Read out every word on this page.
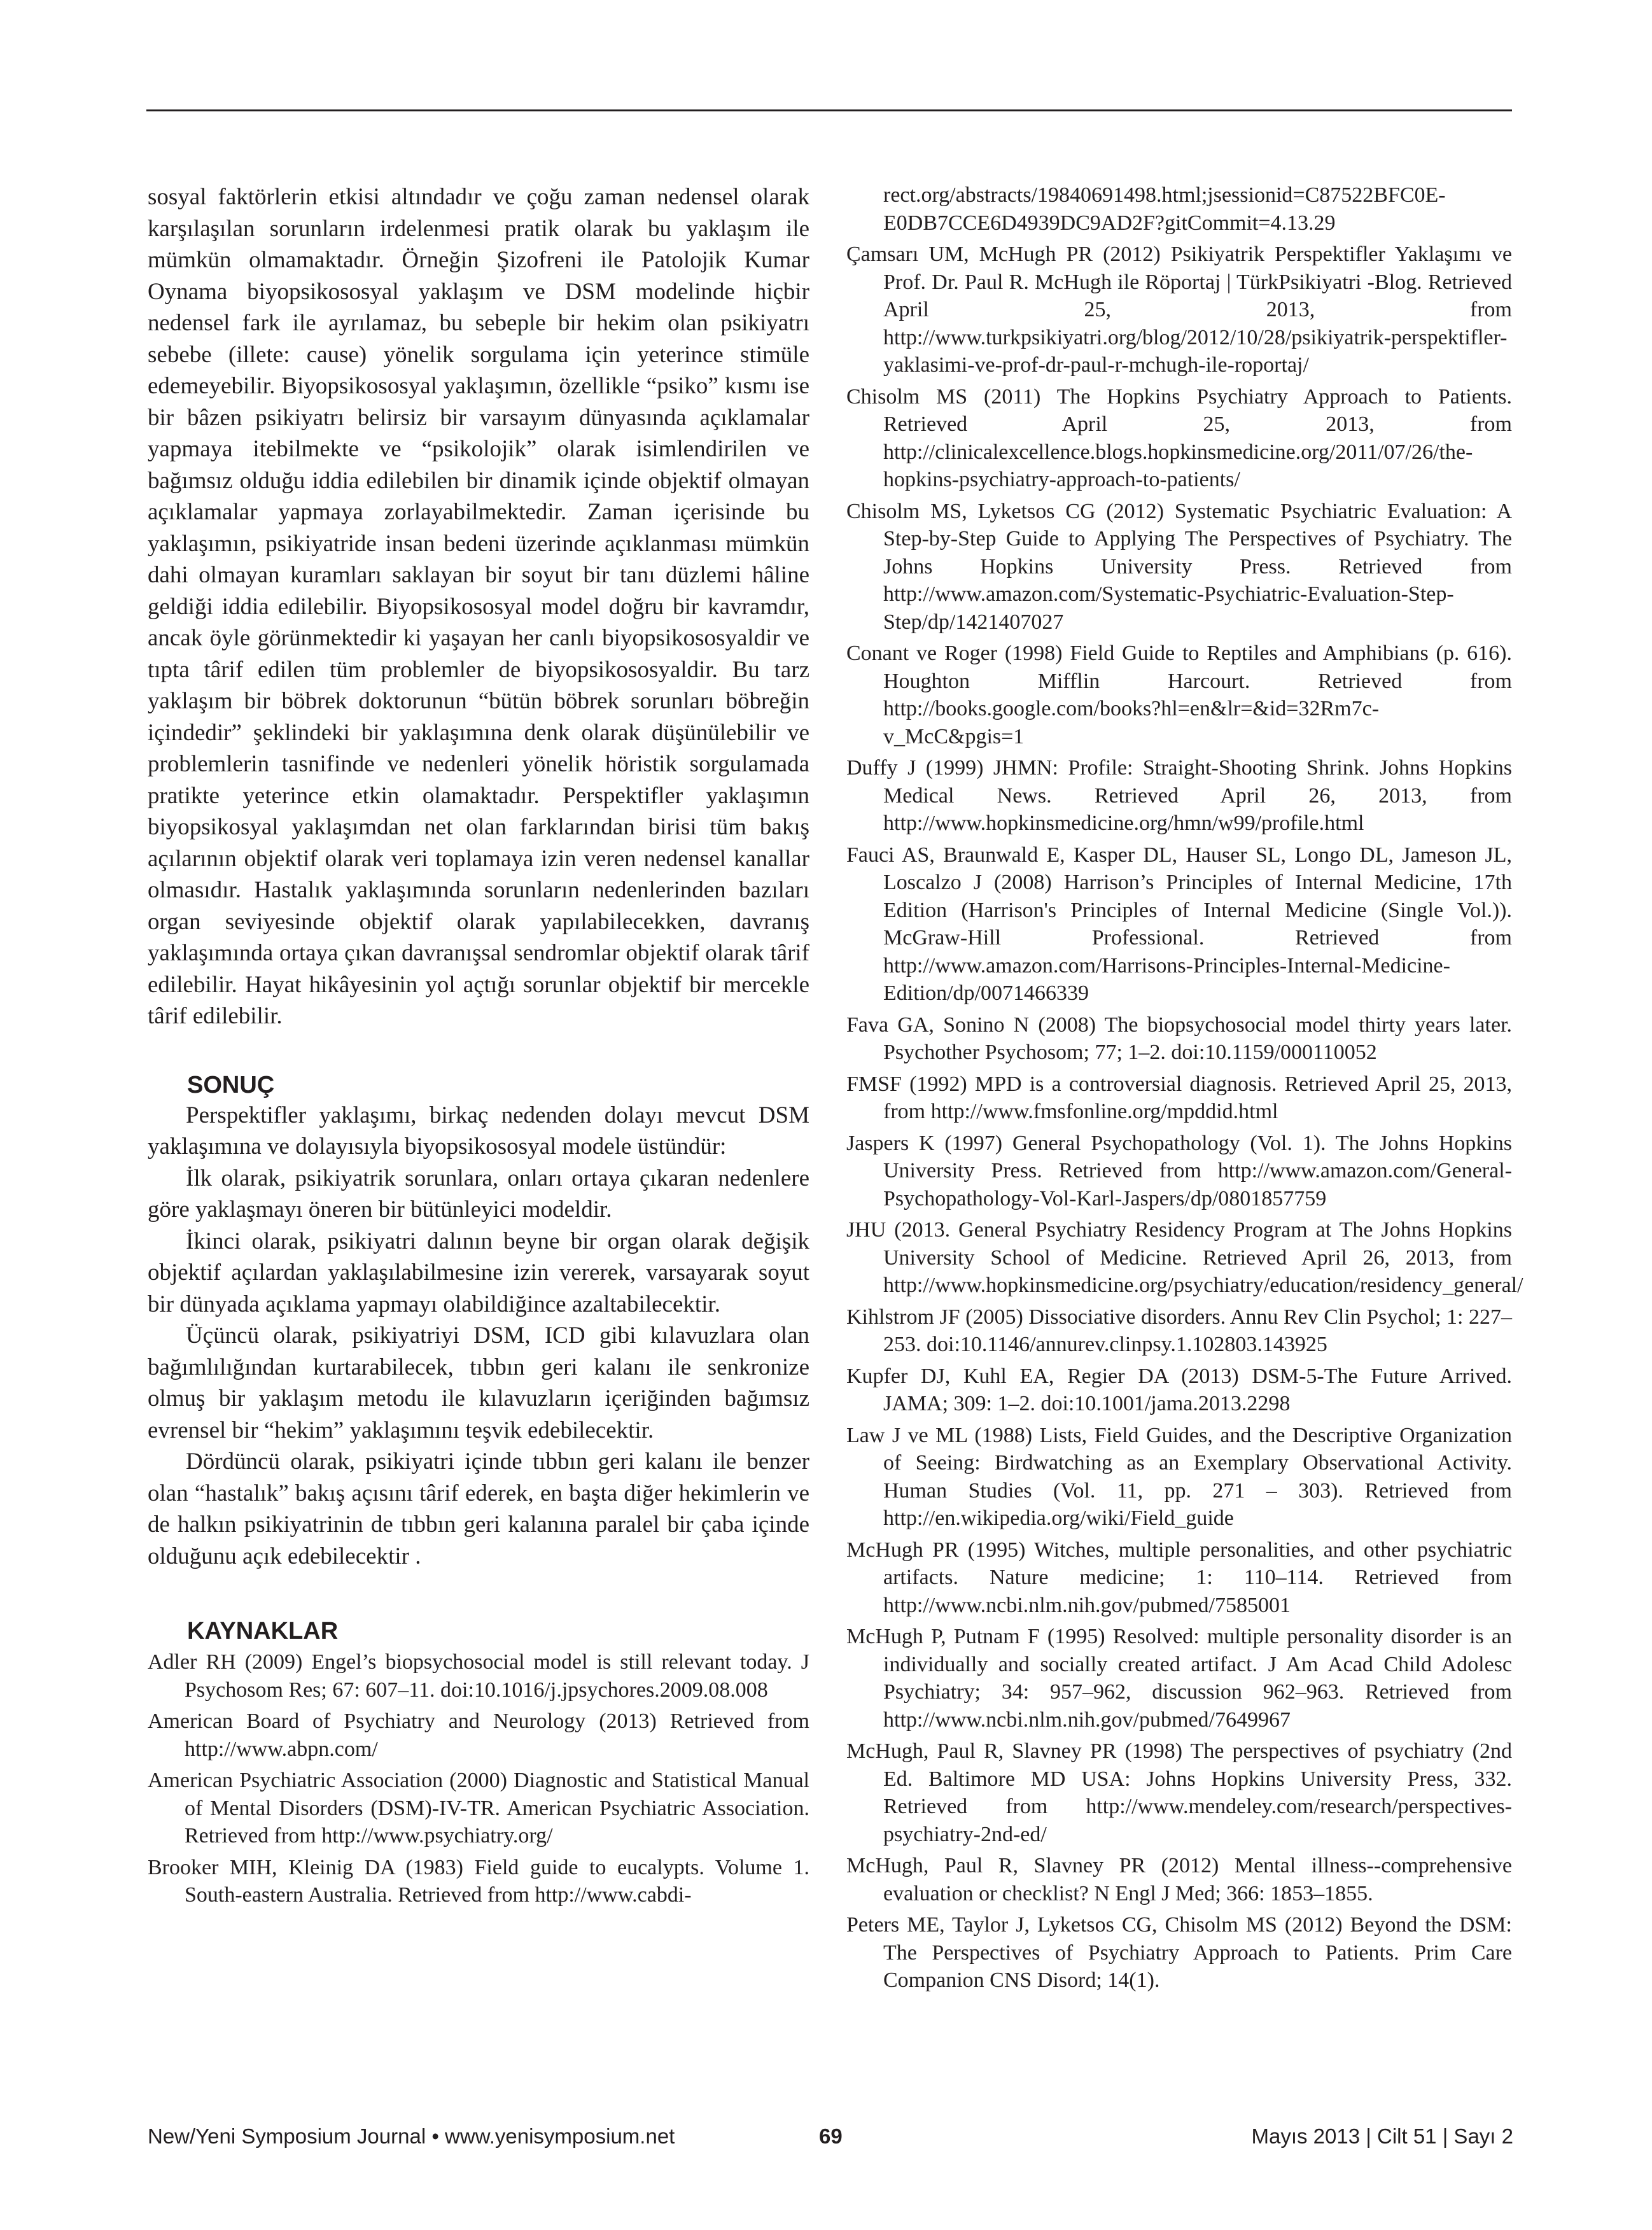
sosyal faktörlerin etkisi altındadır ve çoğu zaman nedensel olarak karşılaşılan sorunların irdelenmesi pratik olarak bu yaklaşım ile mümkün olmamaktadır. Örneğin Şizofreni ile Patolojik Kumar Oynama biyopsikososyal yaklaşım ve DSM modelinde hiçbir nedensel fark ile ayrılamaz, bu sebeple bir hekim olan psikiyatrı sebebe (illete: cause) yönelik sorgulama için yeterince stimüle edemeyebilir. Biyopsikososyal yaklaşımın, özellikle “psiko” kısmı ise bir bâzen psikiyatrı belirsiz bir varsayım dünyasında açıklamalar yapmaya itebilmekte ve “psikolojik” olarak isimlendirilen ve bağımsız olduğu iddia edilebilen bir dinamik içinde objektif olmayan açıklamalar yapmaya zorlayabilmektedir. Zaman içerisinde bu yaklaşımın, psikiyatride insan bedeni üzerinde açıklanması mümkün dahi olmayan kuramları saklayan bir soyut bir tanı düzlemi hâline geldiği iddia edilebilir. Biyopsikososyal model doğru bir kavramdır, ancak öyle görünmektedir ki yaşayan her canlı biyopsikososyaldir ve tıpta târif edilen tüm problemler de biyopsikososyaldir. Bu tarz yaklaşım bir böbrek doktorunun “bütün böbrek sorunları böbreğin içindedir” şeklindeki bir yaklaşımına denk olarak düşünülebilir ve problemlerin tasnifinde ve nedenleri yönelik höristik sorgulamada pratikte yeterince etkin olamaktadır. Perspektifler yaklaşımın biyopsikosyal yaklaşımdan net olan farklarından birisi tüm bakış açılarının objektif olarak veri toplamaya izin veren nedensel kanallar olmasıdır. Hastalık yaklaşımında sorunların nedenlerinden bazıları organ seviyesinde objektif olarak yapılabilecekken, davranış yaklaşımında ortaya çıkan davranışsal sendromlar objektif olarak târif edilebilir. Hayat hikâyesinin yol açtığı sorunlar objektif bir mercekle târif edilebilir.

SONUÇ

Perspektifler yaklaşımı, birkaç nedenden dolayı mevcut DSM yaklaşımına ve dolayısıyla biyopsikososyal modele üstündür:

İlk olarak, psikiyatrik sorunlara, onları ortaya çıkaran nedenlere göre yaklaşmayı öneren bir bütünleyici modeldir.

İkinci olarak, psikiyatri dalının beyne bir organ olarak değişik objektif açılardan yaklaşılabilmesine izin vererek, varsayarak soyut bir dünyada açıklama yapmayı olabildiğince azaltabilecektir.

Üçüncü olarak, psikiyatriyi DSM, ICD gibi kılavuzlara olan bağımlılığından kurtarabilecek, tıbbın geri kalanı ile senkronize olmuş bir yaklaşım metodu ile kılavuzların içeriğinden bağımsız evrensel bir “hekim” yaklaşımını teşvik edebilecektir.

Dördüncü olarak, psikiyatri içinde tıbbın geri kalanı ile benzer olan “hastalık” bakış açısını târif ederek, en başta diğer hekimlerin ve de halkın psikiyatrinin de tıbbın geri kalanına paralel bir çaba içinde olduğunu açık edebilecektir .

KAYNAKLAR

Adler RH (2009) Engel’s biopsychosocial model is still relevant today. J Psychosom Res; 67: 607–11. doi:10.1016/j.jpsychores.2009.08.008

American Board of Psychiatry and Neurology (2013) Retrieved from http://www.abpn.com/

American Psychiatric Association (2000) Diagnostic and Statistical Manual of Mental Disorders (DSM)-IV-TR. American Psychiatric Association. Retrieved from http://www.psychiatry.org/

Brooker MIH, Kleinig DA (1983) Field guide to eucalypts. Volume 1. South-eastern Australia. Retrieved from http://www.cabdi-

rect.org/abstracts/19840691498.html;jsessionid=C87522BFC0E-E0DB7CCE6D4939DC9AD2F?gitCommit=4.13.29

Çamsarı UM, McHugh PR (2012) Psikiyatrik Perspektifler Yaklaşımı ve Prof. Dr. Paul R. McHugh ile Röportaj | TürkPsikiyatri -Blog. Retrieved April 25, 2013, from http://www.turkpsikiyatri.org/blog/2012/10/28/psikiyatrik-perspektifler-yaklasimi-ve-prof-dr-paul-r-mchugh-ile-roportaj/

Chisolm MS (2011) The Hopkins Psychiatry Approach to Patients. Retrieved April 25, 2013, from http://clinicalexcellence.blogs.hopkinsmedicine.org/2011/07/26/the-hopkins-psychiatry-approach-to-patients/

Chisolm MS, Lyketsos CG (2012) Systematic Psychiatric Evaluation: A Step-by-Step Guide to Applying The Perspectives of Psychiatry. The Johns Hopkins University Press. Retrieved from http://www.amazon.com/Systematic-Psychiatric-Evaluation-Step-Step/dp/1421407027

Conant ve Roger (1998) Field Guide to Reptiles and Amphibians (p. 616). Houghton Mifflin Harcourt. Retrieved from http://books.google.com/books?hl=en&lr=&id=32Rm7c-v_McC&pgis=1

Duffy J (1999) JHMN: Profile: Straight-Shooting Shrink. Johns Hopkins Medical News. Retrieved April 26, 2013, from http://www.hopkinsmedicine.org/hmn/w99/profile.html

Fauci AS, Braunwald E, Kasper DL, Hauser SL, Longo DL, Jameson JL, Loscalzo J (2008) Harrison’s Principles of Internal Medicine, 17th Edition (Harrison's Principles of Internal Medicine (Single Vol.)). McGraw-Hill Professional. Retrieved from http://www.amazon.com/Harrisons-Principles-Internal-Medicine-Edition/dp/0071466339

Fava GA, Sonino N (2008) The biopsychosocial model thirty years later. Psychother Psychosom; 77; 1–2. doi:10.1159/000110052

FMSF (1992) MPD is a controversial diagnosis. Retrieved April 25, 2013, from http://www.fmsfonline.org/mpddid.html

Jaspers K (1997) General Psychopathology (Vol. 1). The Johns Hopkins University Press. Retrieved from http://www.amazon.com/General-Psychopathology-Vol-Karl-Jaspers/dp/0801857759

JHU (2013. General Psychiatry Residency Program at The Johns Hopkins University School of Medicine. Retrieved April 26, 2013, from http://www.hopkinsmedicine.org/psychiatry/education/residency_general/

Kihlstrom JF (2005) Dissociative disorders. Annu Rev Clin Psychol; 1: 227–253. doi:10.1146/annurev.clinpsy.1.102803.143925

Kupfer DJ, Kuhl EA, Regier DA (2013) DSM-5-The Future Arrived. JAMA; 309: 1–2. doi:10.1001/jama.2013.2298

Law J ve ML (1988) Lists, Field Guides, and the Descriptive Organization of Seeing: Birdwatching as an Exemplary Observational Activity. Human Studies (Vol. 11, pp. 271 – 303). Retrieved from http://en.wikipedia.org/wiki/Field_guide

McHugh PR (1995) Witches, multiple personalities, and other psychiatric artifacts. Nature medicine; 1: 110–114. Retrieved from http://www.ncbi.nlm.nih.gov/pubmed/7585001

McHugh P, Putnam F (1995) Resolved: multiple personality disorder is an individually and socially created artifact. J Am Acad Child Adolesc Psychiatry; 34: 957–962, discussion 962–963. Retrieved from http://www.ncbi.nlm.nih.gov/pubmed/7649967

McHugh, Paul R, Slavney PR (1998) The perspectives of psychiatry (2nd Ed. Baltimore MD USA: Johns Hopkins University Press, 332. Retrieved from http://www.mendeley.com/research/perspectives-psychiatry-2nd-ed/

McHugh, Paul R, Slavney PR (2012) Mental illness--comprehensive evaluation or checklist? N Engl J Med; 366: 1853–1855.

Peters ME, Taylor J, Lyketsos CG, Chisolm MS (2012) Beyond the DSM: The Perspectives of Psychiatry Approach to Patients. Prim Care Companion CNS Disord; 14(1).

New/Yeni Symposium Journal • www.yenisymposium.net	69	Mayıs 2013 | Cilt 51 | Sayı 2
